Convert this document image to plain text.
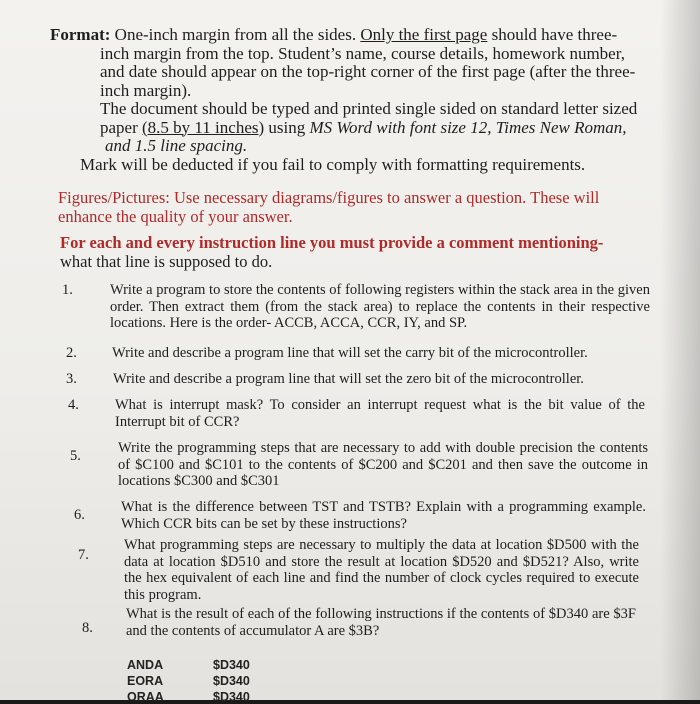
Format: One-inch margin from all the sides. Only the first page should have three-

inch margin from the top. Student’s name, course details, homework number,

and date should appear on the top-right corner of the first page (after the three-

inch margin).

The document should be typed and printed single sided on standard letter sized

paper (8.5 by 11 inches) using MS Word with font size 12, Times New Roman,

and 1.5 line spacing.

Mark will be deducted if you fail to comply with formatting requirements.

Figures/Pictures: Use necessary diagrams/figures to answer a question. These will
enhance the quality of your answer.
For each and every instruction line you must provide a comment mentioning-
what that line is supposed to do.
1.	Write a program to store the contents of following registers within the stack area in the given order. Then extract them (from the stack area) to replace the contents in their respective locations. Here is the order- ACCB, ACCA, CCR, IY, and SP.
2. Write and describe a program line that will set the carry bit of the microcontroller.
3. Write and describe a program line that will set the zero bit of the microcontroller.
4. What is interrupt mask? To consider an interrupt request what is the bit value of the Interrupt bit of CCR?
5.	Write the programming steps that are necessary to add with double precision the contents of $C100 and $C101 to the contents of $C200 and $C201 and then save the outcome in locations $C300 and $C301
6. What is the difference between TST and TSTB? Explain with a programming example. Which CCR bits can be set by these instructions?
7.
What programming steps are necessary to multiply the data at location $D500 with the data at location $D510 and store the result at location $D520 and $D521? Also, write the hex equivalent of each line and find the number of clock cycles required to execute this program.
8.
What is the result of each of the following instructions if the contents of $D340 are $3F and the contents of accumulator A are $3B?
ANDA	$D340
EORA	$D340
ORAA	$D340
